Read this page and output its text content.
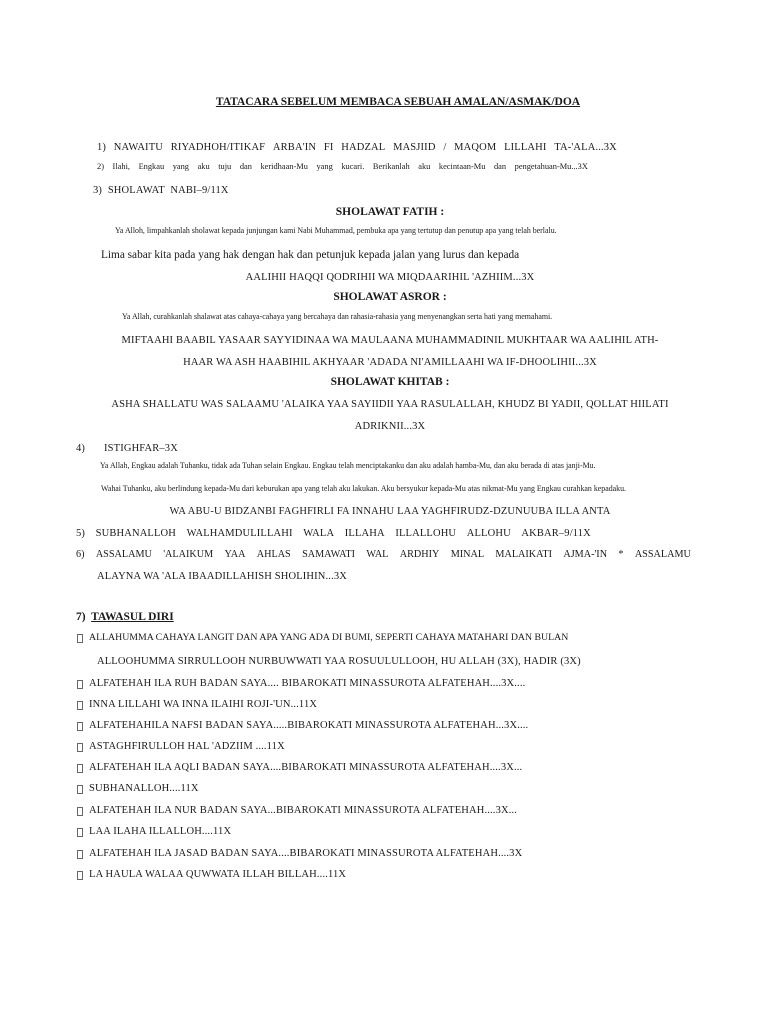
TATACARA SEBELUM MEMBACA SEBUAH AMALAN/ASMAK/DOA
1) NAWAITU RIYADHOH/ITIKAF ARBA'IN FI HADZAL MASJIID / MAQOM LILLAHI TA-'ALA...3X
2) Ilahi, Engkau yang aku tuju dan keridhaan-Mu yang kucari. Berikanlah aku kecintaan-Mu dan pengetahuan-Mu...3X
3) SHOLAWAT NABI–9/11X
SHOLAWAT FATIH :
Ya Alloh, limpahkanlah sholawat kepada junjungan kami Nabi Muhammad, pembuka apa yang tertutup dan penutup apa yang telah berlalu.
Lima sabar kita pada yang hak dengan hak dan petunjuk kepada jalan yang lurus dan kepada
AALIHII HAQQI QODRIHII WA MIQDAARIHIL 'AZHIIM...3X
SHOLAWAT ASROR :
Ya Allah, curahkanlah shalawat atas cahaya-cahaya yang bercahaya dan rahasia-rahasia yang menyenangkan serta hati yang memahami.
MIFTAAHI BAABIL YASAAR SAYYIDINAA WA MAULAANA MUHAMMADINIL MUKHTAAR WA AALIHIL ATH-
HAAR WA ASH HAABIHIL AKHYAAR 'ADADA NI'AMILLAAHI WA IF-DHOOLIHII...3X
SHOLAWAT KHITAB :
ASHA SHALLATU WAS SALAAMU 'ALAIKA YAA SAYIIDII YAA RASULALLAH, KHUDZ BI YADII, QOLLAT HIILATI
ADRIKNII...3X
4) ISTIGHFAR–3X
Ya Allah, Engkau adalah Tuhanku, tidak ada Tuhan selain Engkau. Engkau telah menciptakanku dan aku adalah hamba-Mu, dan aku berada di atas janji-Mu.
Wahai Tuhanku, aku berlindung kepada-Mu dari keburukan apa yang telah aku lakukan. Aku bersyukur kepada-Mu atas nikmat-Mu yang Engkau curahkan kepadaku.
WA ABU-U BIDZANBI FAGHFIRLI FA INNAHU LAA YAGHFIRUDZ-DZUNUUBA ILLA ANTA
5) SUBHANALLOH WALHAMDULILLAHI WALA ILLAHA ILLALLOHU ALLOHU AKBAR–9/11X
6) ASSALAMU 'ALAIKUM YAA AHLAS SAMAWATI WAL ARDHIY MINAL MALAIKATI AJMA-'IN * ASSALAMU
ALAYNA WA 'ALA IBAADILLAHISH SHOLIHIN...3X
7) TAWASUL DIRI
ALLAHUMMA CAHAYA LANGIT DAN APA YANG ADA DI BUMI, SEPERTI CAHAYA MATAHARI DAN BULAN
ALLOOHUMMA SIRRULLOOH NURBUWWATI YAA ROSUULULLOOH, HU ALLAH (3X), HADIR (3X)
ALFATEHAH ILA RUH BADAN SAYA.... BIBAROKATI MINASSUROTA ALFATEHAH....3X....
INNA LILLAHI WA INNA ILAIHI ROJI-'UN...11X
ALFATEHAHILA NAFSI BADAN SAYA.....BIBAROKATI MINASSUROTA ALFATEHAH...3X....
ASTAGHFIRULLOH HAL 'ADZIIM ....11X
ALFATEHAH ILA AQLI BADAN SAYA....BIBAROKATI MINASSUROTA ALFATEHAH....3X...
SUBHANALLOH....11X
ALFATEHAH ILA NUR BADAN SAYA...BIBAROKATI MINASSUROTA ALFATEHAH....3X...
LAA ILAHA ILLALLOH....11X
ALFATEHAH ILA JASAD BADAN SAYA....BIBAROKATI MINASSUROTA ALFATEHAH....3X
LA HAULA WALAA QUWWATA ILLAH BILLAH....11X
